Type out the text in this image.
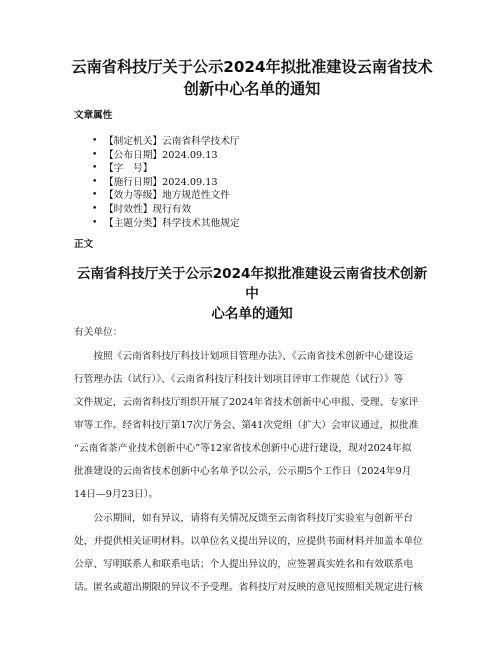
云南省科技厅关于公示2024年拟批准建设云南省技术
创新中心名单的通知
文章属性
• 【制定机关】云南省科学技术厅
• 【公布日期】2024.09.13
• 【字　号】
• 【施行日期】2024.09.13
• 【效力等级】地方规范性文件
• 【时效性】现行有效
• 【主题分类】科学技术其他规定
正文
云南省科技厅关于公示2024年拟批准建设云南省技术创新中
心名单的通知

有关单位：

　　按照《云南省科技厅科技计划项目管理办法》、《云南省技术创新中心建设运

行管理办法（试行）》、《云南省科技厅科技计划项目评审工作规范（试行）》等

文件规定，云南省科技厅组织开展了2024年省技术创新中心申报、受理、专家评

审等工作。经省科技厅第17次厅务会、第41次党组（扩大）会审议通过，拟批准

“云南省茶产业技术创新中心”等12家省技术创新中心进行建设，现对2024年拟

批准建设的云南省技术创新中心名单予以公示，公示期5个工作日（2024年9月

14日—9月23日）。

　　公示期间，如有异议，请将有关情况反馈至云南省科技厅实验室与创新平台

处，并提供相关证明材料。以单位名义提出异议的，应提供书面材料并加盖本单位

公章、写明联系人和联系电话；个人提出异议的，应签署真实姓名和有效联系电

话。匿名或超出期限的异议不予受理。省科技厅对反映的意见按照相关规定进行核
